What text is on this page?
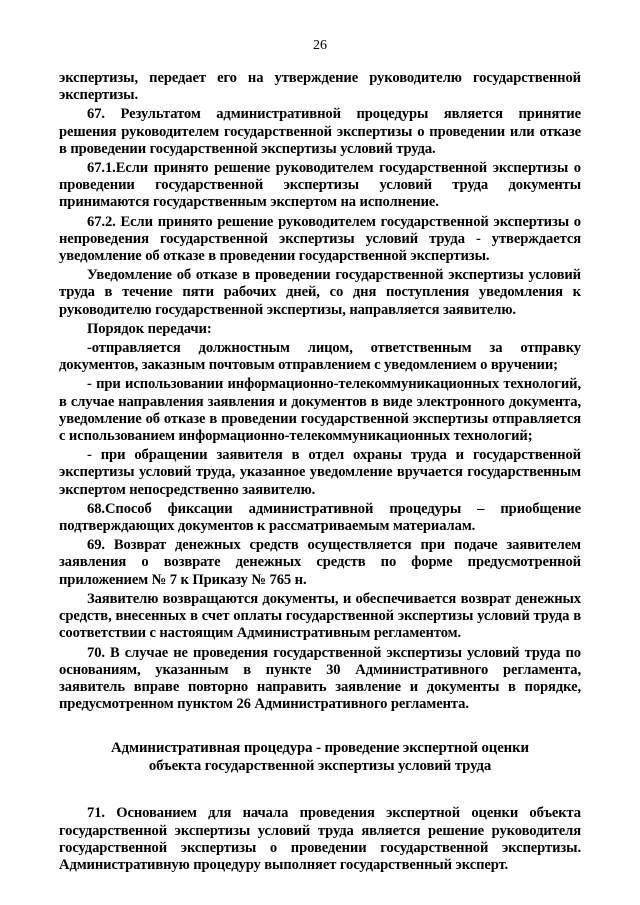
26

экспертизы, передает его на утверждение руководителю государственной экспертизы.

67. Результатом административной процедуры является принятие решения руководителем государственной экспертизы о проведении или отказе в проведении государственной экспертизы условий труда.

67.1.Если принято решение руководителем государственной экспертизы о проведении государственной экспертизы условий труда документы принимаются государственным экспертом на исполнение.

67.2. Если принято решение руководителем государственной экспертизы о непроведения государственной экспертизы условий труда - утверждается уведомление об отказе в проведении государственной экспертизы.

Уведомление об отказе в проведении государственной экспертизы условий труда в течение пяти рабочих дней, со дня поступления уведомления к руководителю государственной экспертизы, направляется заявителю.

Порядок передачи:

-отправляется должностным лицом, ответственным за отправку документов, заказным почтовым отправлением с уведомлением о вручении;

- при использовании информационно-телекоммуникационных технологий, в случае направления заявления и документов в виде электронного документа, уведомление об отказе в проведении государственной экспертизы отправляется с использованием информационно-телекоммуникационных технологий;

- при обращении заявителя в отдел охраны труда и государственной экспертизы условий труда, указанное уведомление вручается государственным экспертом непосредственно заявителю.

68.Способ фиксации административной процедуры – приобщение подтверждающих документов к рассматриваемым материалам.

69. Возврат денежных средств осуществляется при подаче заявителем заявления о возврате денежных средств по форме предусмотренной приложением № 7 к Приказу № 765 н.

Заявителю возвращаются документы, и обеспечивается возврат денежных средств, внесенных в счет оплаты государственной экспертизы условий труда в соответствии с настоящим Административным регламентом.

70. В случае не проведения государственной экспертизы условий труда по основаниям, указанным в пункте 30 Административного регламента, заявитель вправе повторно направить заявление и документы в порядке, предусмотренном пунктом 26 Административного регламента.

Административная процедура - проведение экспертной оценки
объекта государственной экспертизы условий труда

71. Основанием для начала проведения экспертной оценки объекта государственной экспертизы условий труда является решение руководителя государственной экспертизы о проведении государственной экспертизы. Административную процедуру выполняет государственный эксперт.
